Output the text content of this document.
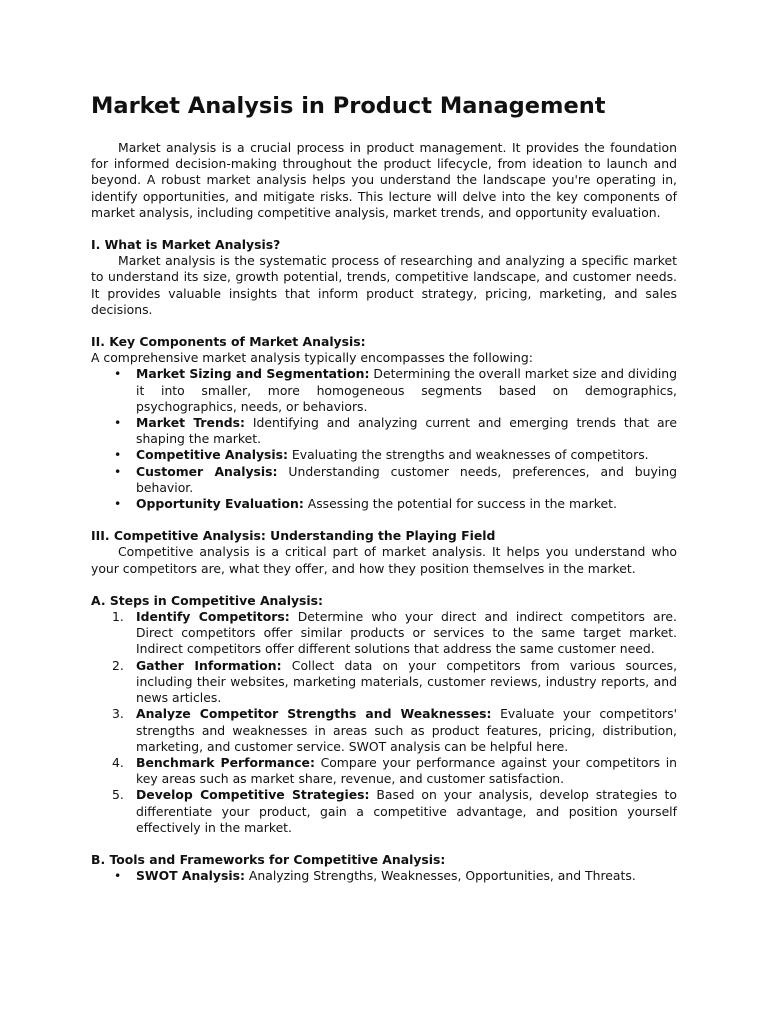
Market Analysis in Product Management

Market analysis is a crucial process in product management. It provides the foundation for informed decision-making throughout the product lifecycle, from ideation to launch and beyond. A robust market analysis helps you understand the landscape you're operating in, identify opportunities, and mitigate risks. This lecture will delve into the key components of market analysis, including competitive analysis, market trends, and opportunity evaluation.

I. What is Market Analysis?

Market analysis is the systematic process of researching and analyzing a specific market to understand its size, growth potential, trends, competitive landscape, and customer needs. It provides valuable insights that inform product strategy, pricing, marketing, and sales decisions.

II. Key Components of Market Analysis:

A comprehensive market analysis typically encompasses the following:

• Market Sizing and Segmentation: Determining the overall market size and dividing it into smaller, more homogeneous segments based on demographics, psychographics, needs, or behaviors.
• Market Trends: Identifying and analyzing current and emerging trends that are shaping the market.
• Competitive Analysis: Evaluating the strengths and weaknesses of competitors.
• Customer Analysis: Understanding customer needs, preferences, and buying behavior.
• Opportunity Evaluation: Assessing the potential for success in the market.

III. Competitive Analysis: Understanding the Playing Field

Competitive analysis is a critical part of market analysis. It helps you understand who your competitors are, what they offer, and how they position themselves in the market.

A. Steps in Competitive Analysis:

1. Identify Competitors: Determine who your direct and indirect competitors are. Direct competitors offer similar products or services to the same target market. Indirect competitors offer different solutions that address the same customer need.
2. Gather Information: Collect data on your competitors from various sources, including their websites, marketing materials, customer reviews, industry reports, and news articles.
3. Analyze Competitor Strengths and Weaknesses: Evaluate your competitors' strengths and weaknesses in areas such as product features, pricing, distribution, marketing, and customer service. SWOT analysis can be helpful here.
4. Benchmark Performance: Compare your performance against your competitors in key areas such as market share, revenue, and customer satisfaction.
5. Develop Competitive Strategies: Based on your analysis, develop strategies to differentiate your product, gain a competitive advantage, and position yourself effectively in the market.

B. Tools and Frameworks for Competitive Analysis:

• SWOT Analysis: Analyzing Strengths, Weaknesses, Opportunities, and Threats.
